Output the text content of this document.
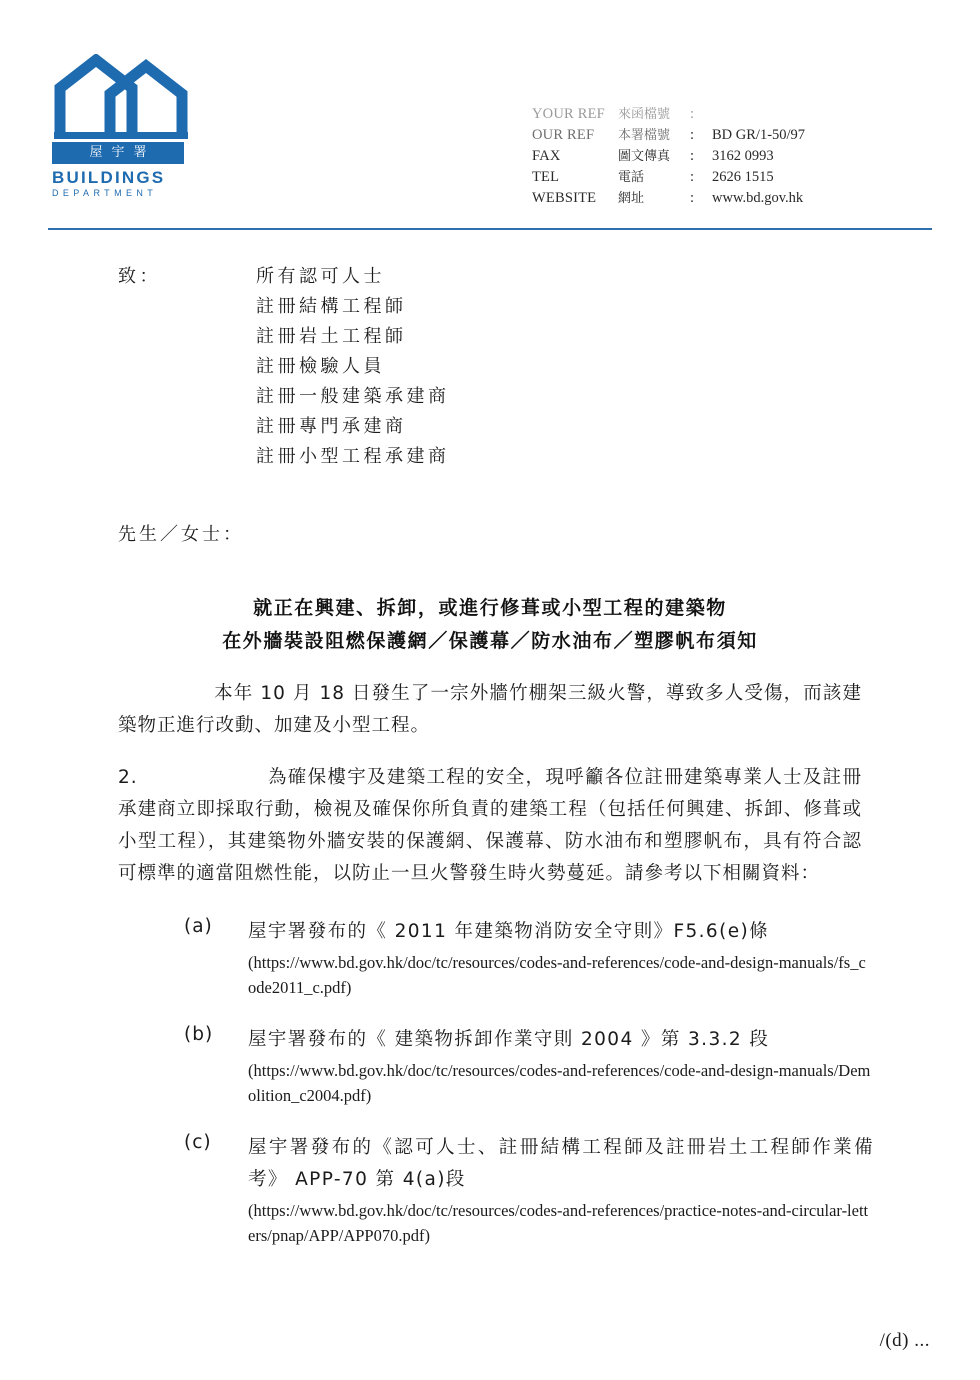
屋宇署
BUILDINGS
DEPARTMENT
YOUR REF	來函檔號	:
OUR REF	本署檔號	:	BD GR/1-50/97
FAX	圖文傳真	:	3162 0993
TEL	電話	:	2626 1515
WEBSITE	網址	:	www.bd.gov.hk
致：	所有認可人士
註冊結構工程師
註冊岩土工程師
註冊檢驗人員
註冊一般建築承建商
註冊專門承建商
註冊小型工程承建商
先生／女士：
就正在興建、拆卸，或進行修葺或小型工程的建築物
在外牆裝設阻燃保護網／保護幕／防水油布／塑膠帆布須知
本年 10 月 18 日發生了一宗外牆竹棚架三級火警，導致多人受傷，而該建築物正進行改動、加建及小型工程。
2.	為確保樓宇及建築工程的安全，現呼籲各位註冊建築專業人士及註冊承建商立即採取行動，檢視及確保你所負責的建築工程（包括任何興建、拆卸、修葺或小型工程），其建築物外牆安裝的保護網、保護幕、防水油布和塑膠帆布，具有符合認可標準的適當阻燃性能，以防止一旦火警發生時火勢蔓延。請參考以下相關資料：
(a) 屋宇署發布的《 2011 年建築物消防安全守則》F5.6(e)條
(https://www.bd.gov.hk/doc/tc/resources/codes-and-references/code-and-design-manuals/fs_code2011_c.pdf)
(b) 屋宇署發布的《 建築物拆卸作業守則 2004 》第 3.3.2 段
(https://www.bd.gov.hk/doc/tc/resources/codes-and-references/code-and-design-manuals/Demolition_c2004.pdf)
(c) 屋宇署發布的《認可人士、註冊結構工程師及註冊岩土工程師作業備考》 APP-70 第 4(a)段
(https://www.bd.gov.hk/doc/tc/resources/codes-and-references/practice-notes-and-circular-letters/pnap/APP/APP070.pdf)
/(d) ...
